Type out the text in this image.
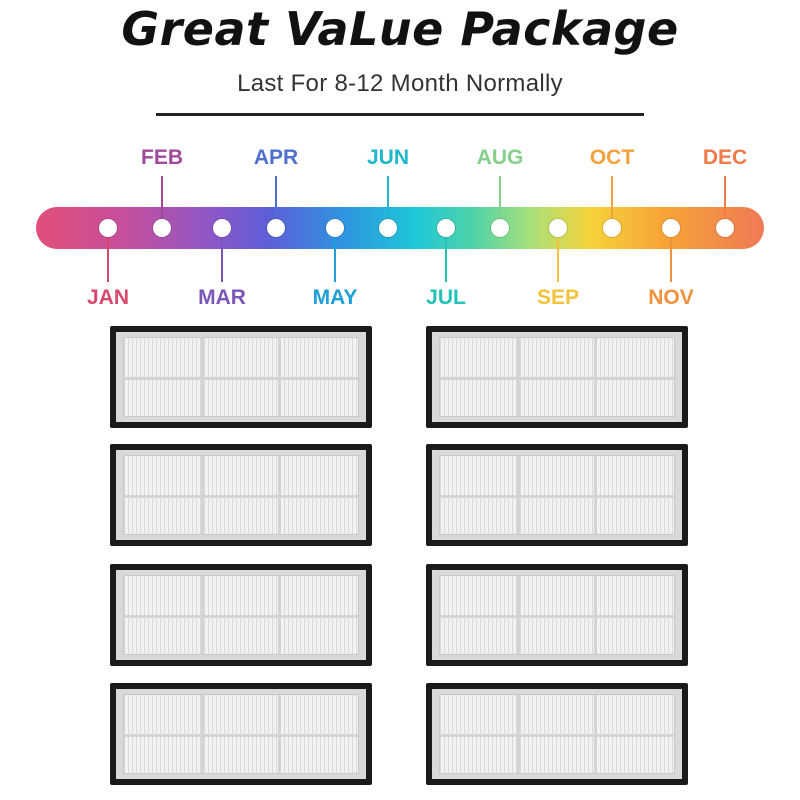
Great VaLue Package
Last For 8-12 Month Normally
FEB	APR	JUN	AUG	OCT	DEC
JAN	MAR	MAY	JUL	SEP	NOV
